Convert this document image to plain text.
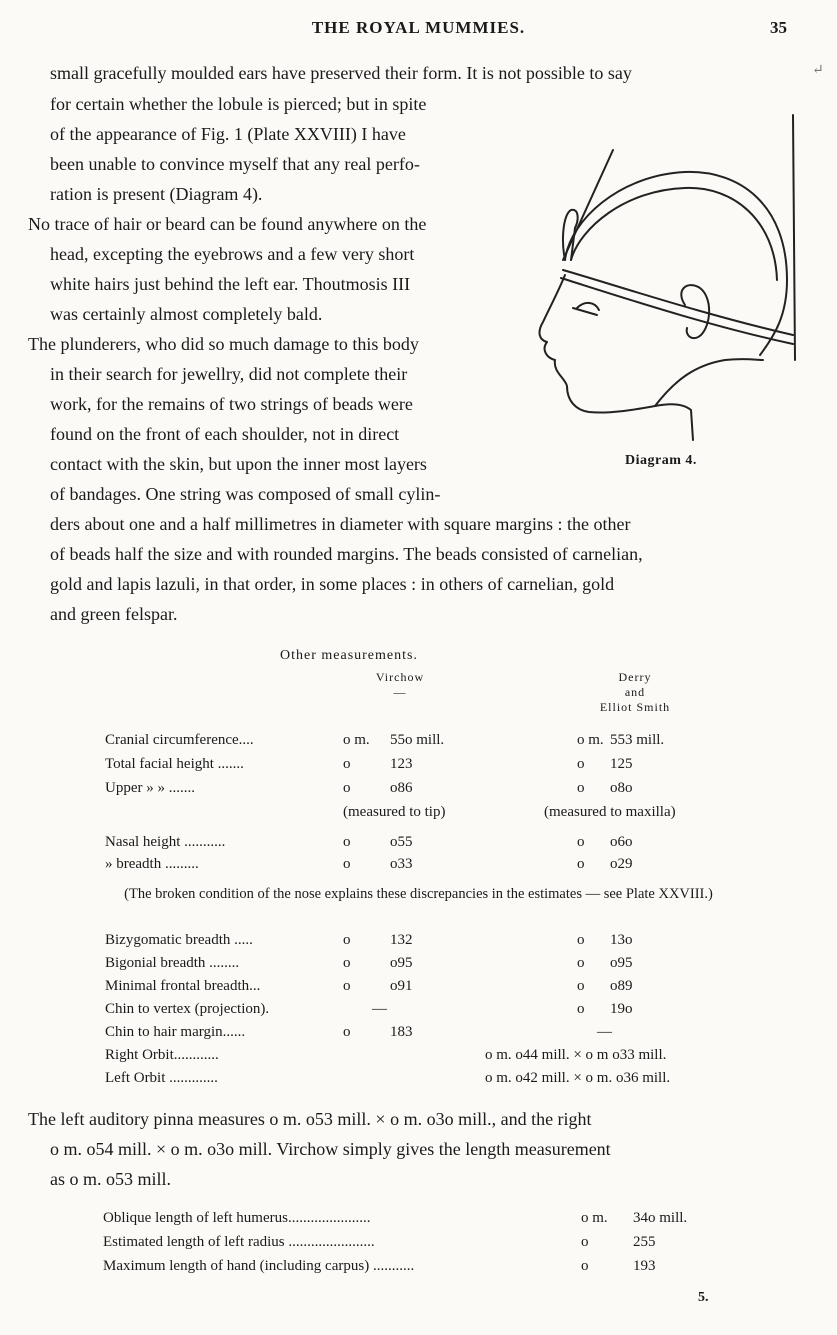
THE ROYAL MUMMIES.	35
↵
small gracefully moulded ears have preserved their form. It is not possible to say
for certain whether the lobule is pierced; but in spite
of the appearance of Fig. 1 (Plate XXVIII) I have
been unable to convince myself that any real perfo-
ration is present (Diagram 4).
No trace of hair or beard can be found anywhere on the
head, excepting the eyebrows and a few very short
white hairs just behind the left ear. Thoutmosis III
was certainly almost completely bald.
The plunderers, who did so much damage to this body
in their search for jewellry, did not complete their
work, for the remains of two strings of beads were
found on the front of each shoulder, not in direct
contact with the skin, but upon the inner most layers
of bandages. One string was composed of small cylin-
ders about one and a half millimetres in diameter with square margins : the other
of beads half the size and with rounded margins. The beads consisted of carnelian,
gold and lapis lazuli, in that order, in some places : in others of carnelian, gold
and green felspar.
Diagram 4.
Other measurements.
Virchow
—
Derry
and
Elliot Smith
Cranial circumference....	o m. 55o mill.	o m. 553 mill.
Total facial height .......	o	123	o 125
Upper » » .......	o	o86	o o8o
(measured to tip)	(measured to maxilla)
Nasal height ...........	o	o55	o o6o
» breadth .........	o	o33	o o29
(The broken condition of the nose explains these discrepancies in the estimates — see Plate XXVIII.)
Bizygomatic breadth .....	o	132	o 13o
Bigonial breadth ........	o	o95	o o95
Minimal frontal breadth...	o	o91	o o89
Chin to vertex (projection).	—	o 19o
Chin to hair margin......	o	183	—
Right Orbit............	o m. o44 mill. × o m o33 mill.
Left Orbit .............	o m. o42 mill. × o m. o36 mill.
The left auditory pinna measures o m. o53 mill. × o m. o3o mill., and the right
o m. o54 mill. × o m. o3o mill. Virchow simply gives the length measurement
as o m. o53 mill.
Oblique length of left humerus......................	o m. 34o mill.
Estimated length of left radius .......................	o	255
Maximum length of hand (including carpus) ...........	o	193
5.
